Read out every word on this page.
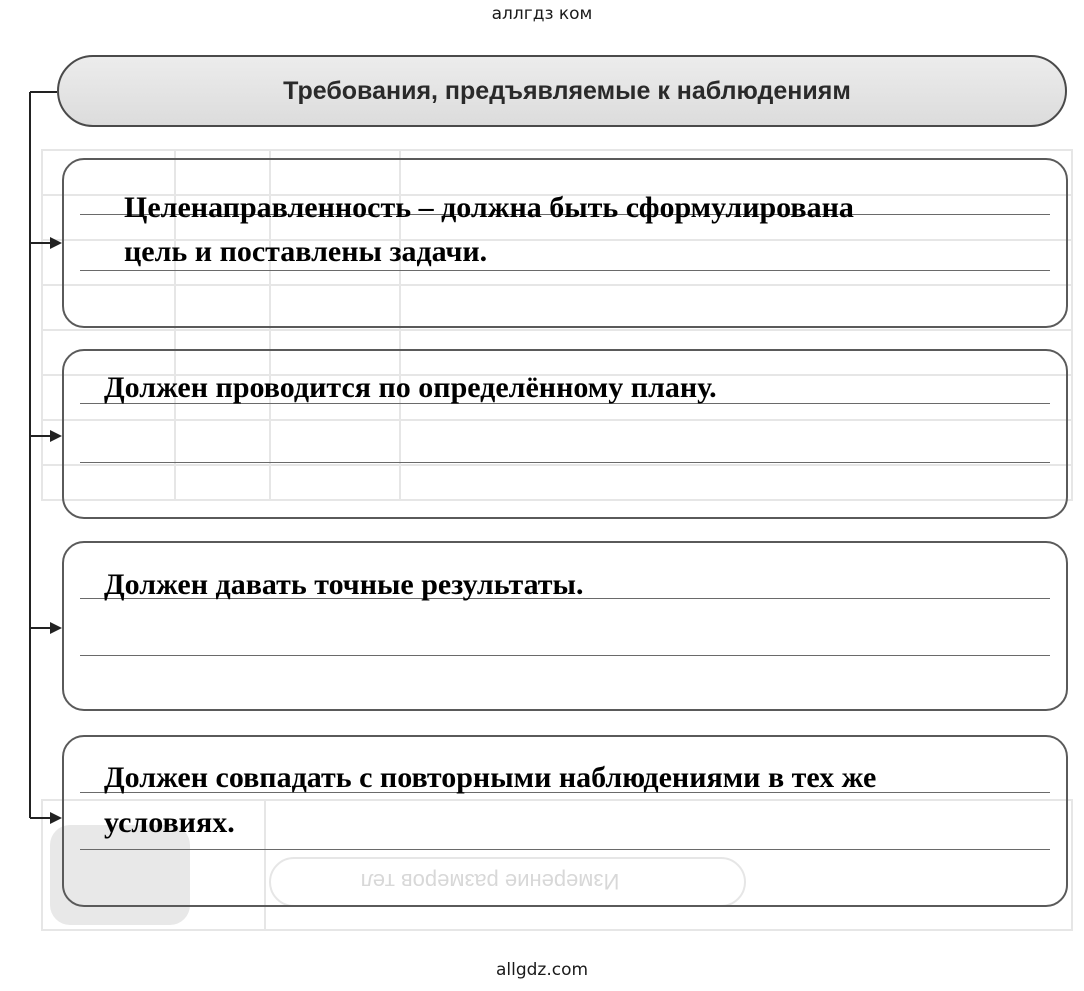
Измерение размеров тел
аллгдз ком
Требования, предъявляемые к наблюдениям
Целенаправленность – должна быть сформулирована
цель и поставлены задачи.
Должен проводится по определённому плану.
Должен давать точные результаты.
Должен совпадать с повторными наблюдениями в тех же
условиях.
allgdz.com
